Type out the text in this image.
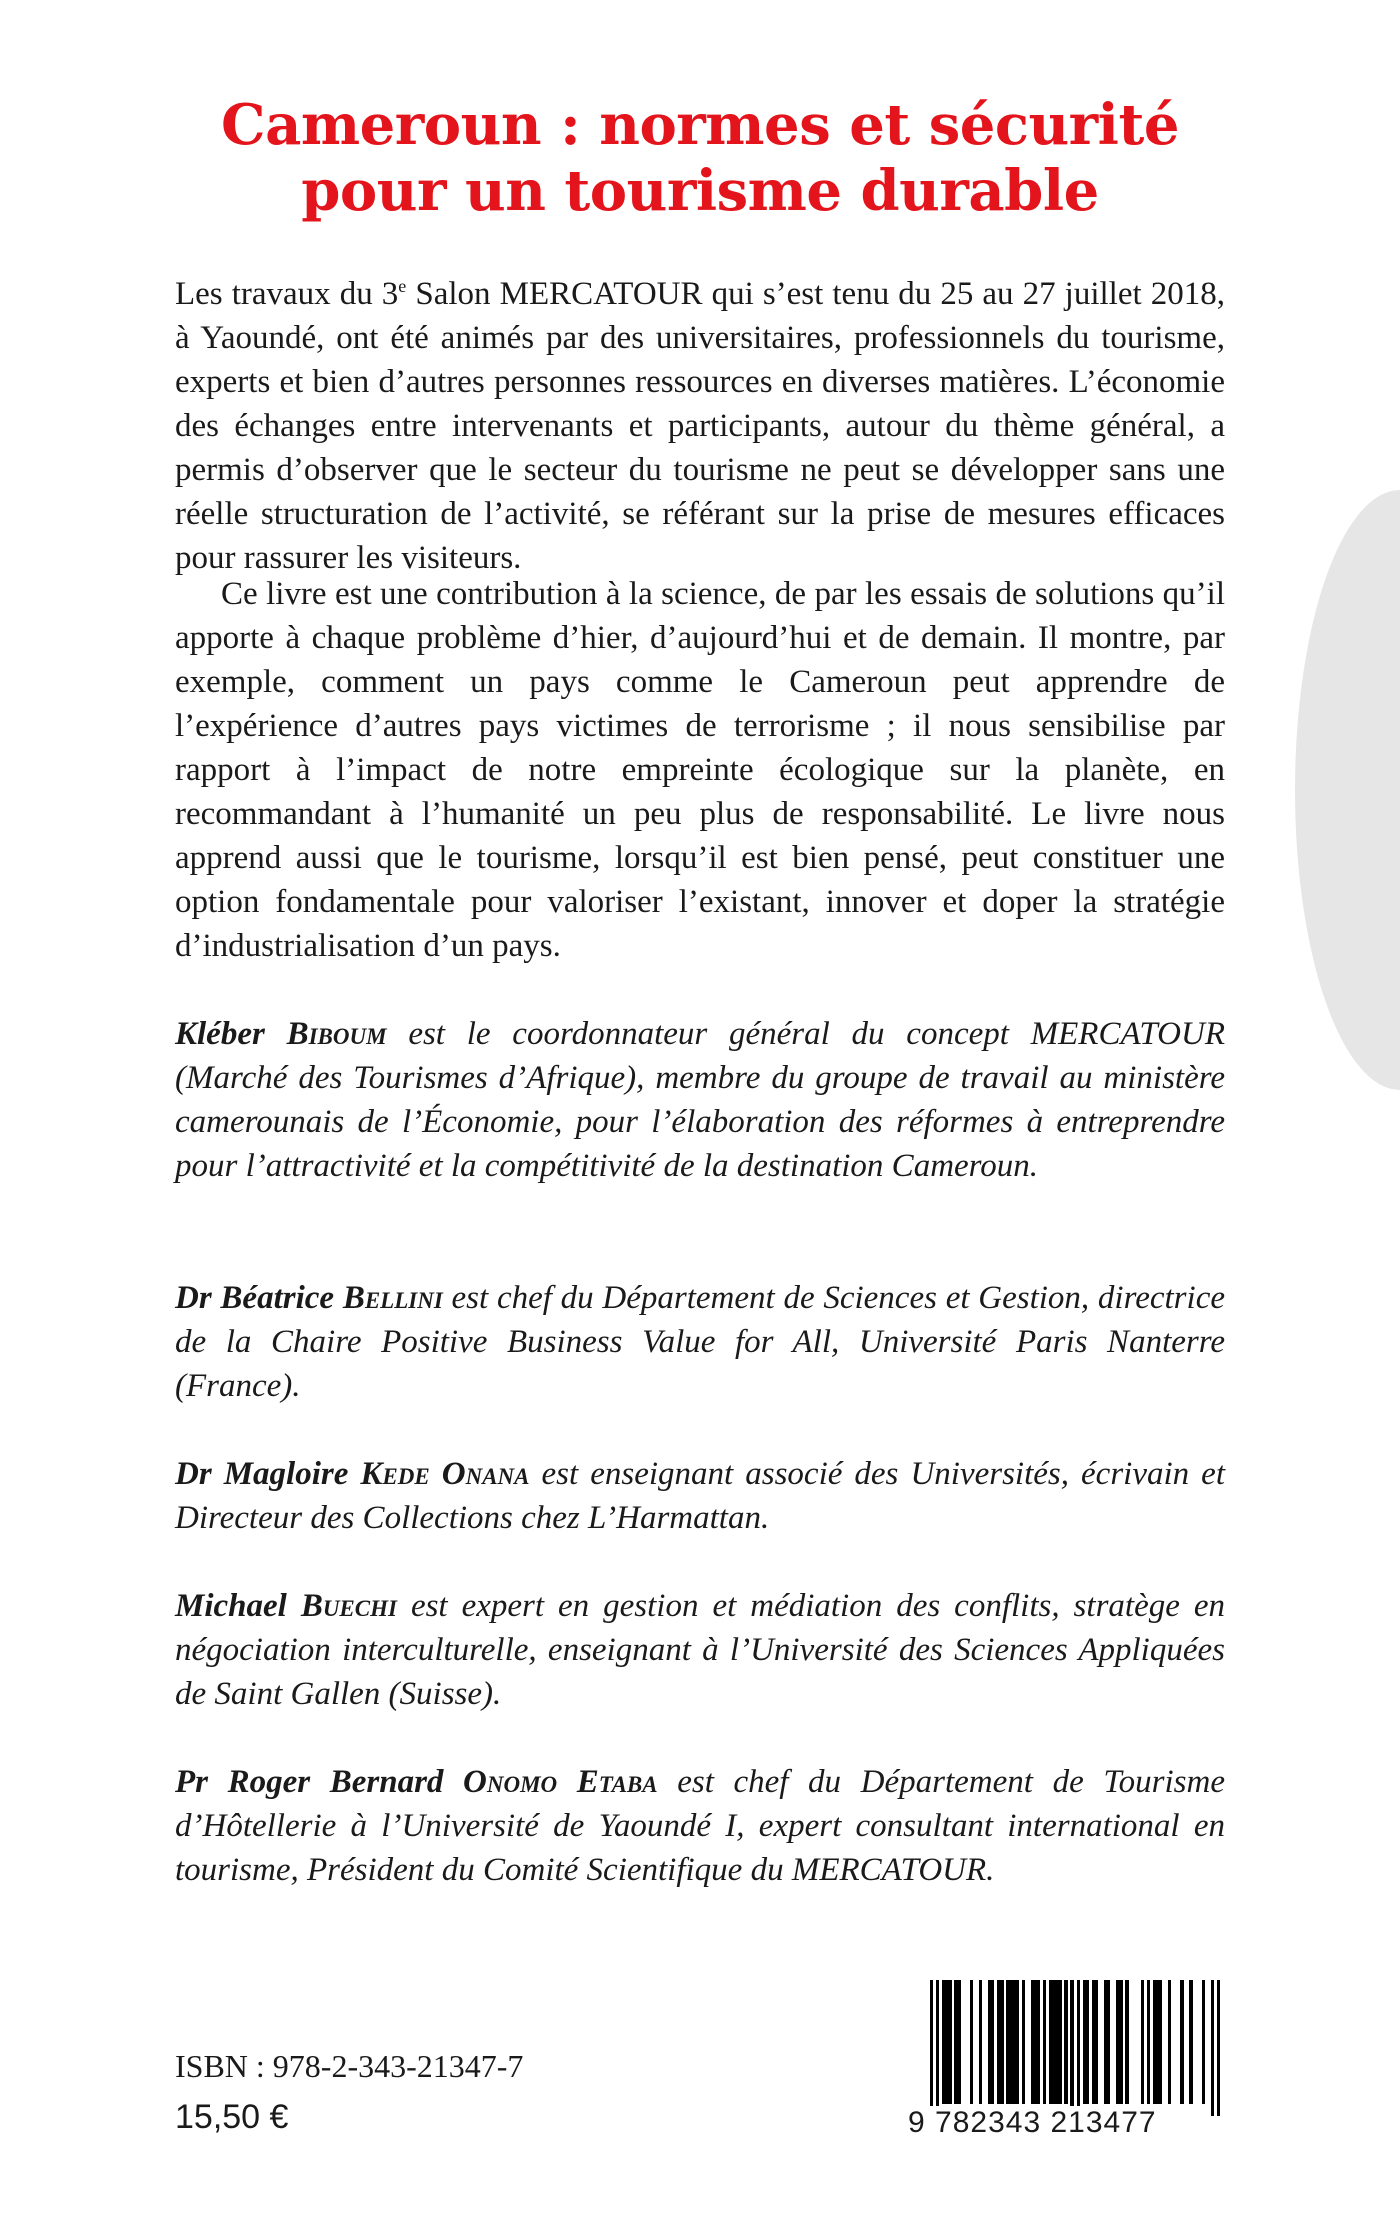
Cameroun : normes et sécurité
pour un tourisme durable

Les travaux du 3e Salon MERCATOUR qui s’est tenu du 25 au 27 juillet 2018, à Yaoundé, ont été animés par des universitaires, professionnels du tourisme, experts et bien d’autres personnes ressources en diverses matières. L’économie des échanges entre intervenants et participants, autour du thème général, a permis d’observer que le secteur du tourisme ne peut se développer sans une réelle structuration de l’activité, se référant sur la prise de mesures efficaces pour rassurer les visiteurs.

Ce livre est une contribution à la science, de par les essais de solutions qu’il apporte à chaque problème d’hier, d’aujourd’hui et de demain. Il montre, par exemple, comment un pays comme le Cameroun peut apprendre de l’expérience d’autres pays victimes de terrorisme ; il nous sensibilise par rapport à l’impact de notre empreinte écologique sur la planète, en recommandant à l’humanité un peu plus de responsabilité. Le livre nous apprend aussi que le tourisme, lorsqu’il est bien pensé, peut constituer une option fondamentale pour valoriser l’existant, innover et doper la stratégie d’industrialisation d’un pays.

Kléber Biboum est le coordonnateur général du concept MERCATOUR (Marché des Tourismes d’Afrique), membre du groupe de travail au ministère camerounais de l’Économie, pour l’élaboration des réformes à entreprendre pour l’attractivité et la compétitivité de la destination Cameroun.

Dr Béatrice Bellini est chef du Département de Sciences et Gestion, directrice de la Chaire Positive Business Value for All, Université Paris Nanterre (France).

Dr Magloire Kede Onana est enseignant associé des Universités, écrivain et Directeur des Collections chez L’Harmattan.

Michael Buechi est expert en gestion et médiation des conflits, stratège en négociation interculturelle, enseignant à l’Université des Sciences Appliquées de Saint Gallen (Suisse).

Pr Roger Bernard Onomo Etaba est chef du Département de Tourisme d’Hôtellerie à l’Université de Yaoundé I, expert consultant international en tourisme, Président du Comité Scientifique du MERCATOUR.

ISBN : 978-2-343-21347-7
15,50 €	9 782343 213477
